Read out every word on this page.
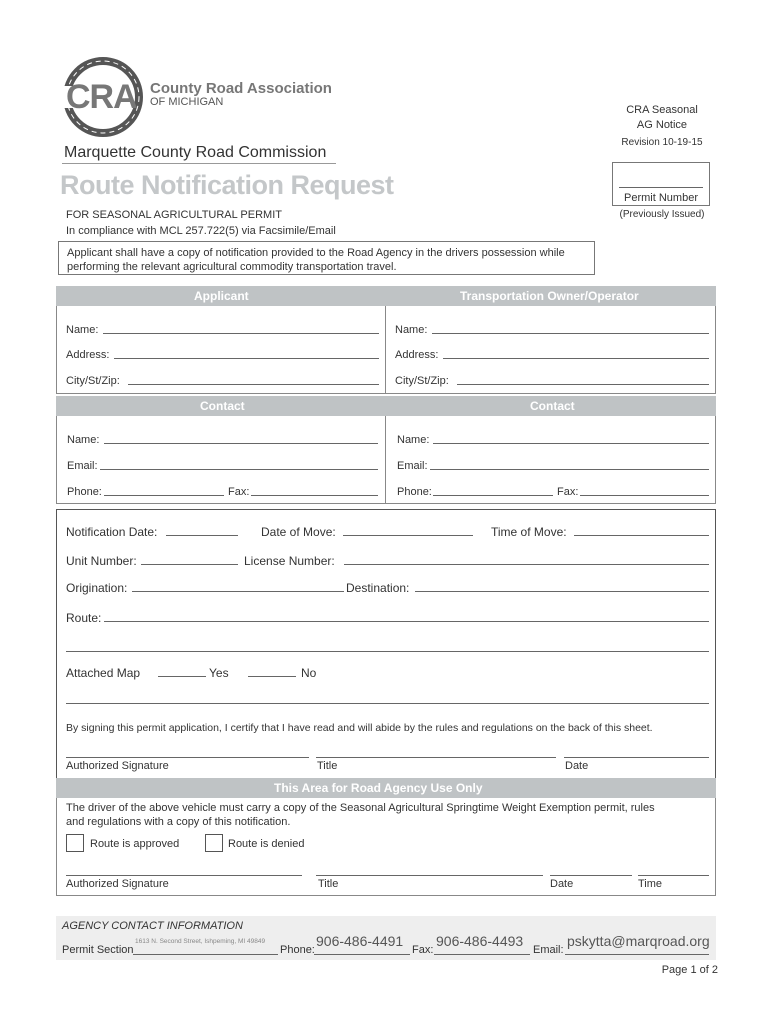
CRA County Road Association
OF MICHIGAN
Marquette County Road Commission
Route Notification Request
FOR SEASONAL AGRICULTURAL PERMIT
In compliance with MCL 257.722(5) via Facsimile/Email
Applicant shall have a copy of notification provided to the Road Agency in the drivers possession while performing the relevant agricultural commodity transportation travel.
CRA Seasonal
AG Notice
Revision 10-19-15
Permit Number
(Previously Issued)
Applicant	Transportation Owner/Operator
Name:
Address:
City/St/Zip:
Name:
Address:
City/St/Zip:
Contact	Contact
Name:
Email:
Phone:	Fax:
Name:
Email:
Phone:	Fax:
Notification Date:	Date of Move:	Time of Move:
Unit Number:	License Number:
Origination:	Destination:
Route:
Attached Map	Yes	No
By signing this permit application, I certify that I have read and will abide by the rules and regulations on the back of this sheet.
Authorized Signature	Title	Date
This Area for Road Agency Use Only
The driver of the above vehicle must carry a copy of the Seasonal Agricultural Springtime Weight Exemption permit, rules and regulations with a copy of this notification.
Route is approved	Route is denied
Authorized Signature	Title	Date	Time
AGENCY CONTACT INFORMATION
Permit Section
1613 N. Second Street, Ishpeming, MI 49849
Phone:
906-486-4491
Fax:
906-486-4493
Email:
pskytta@marqroad.org
Page 1 of 2
